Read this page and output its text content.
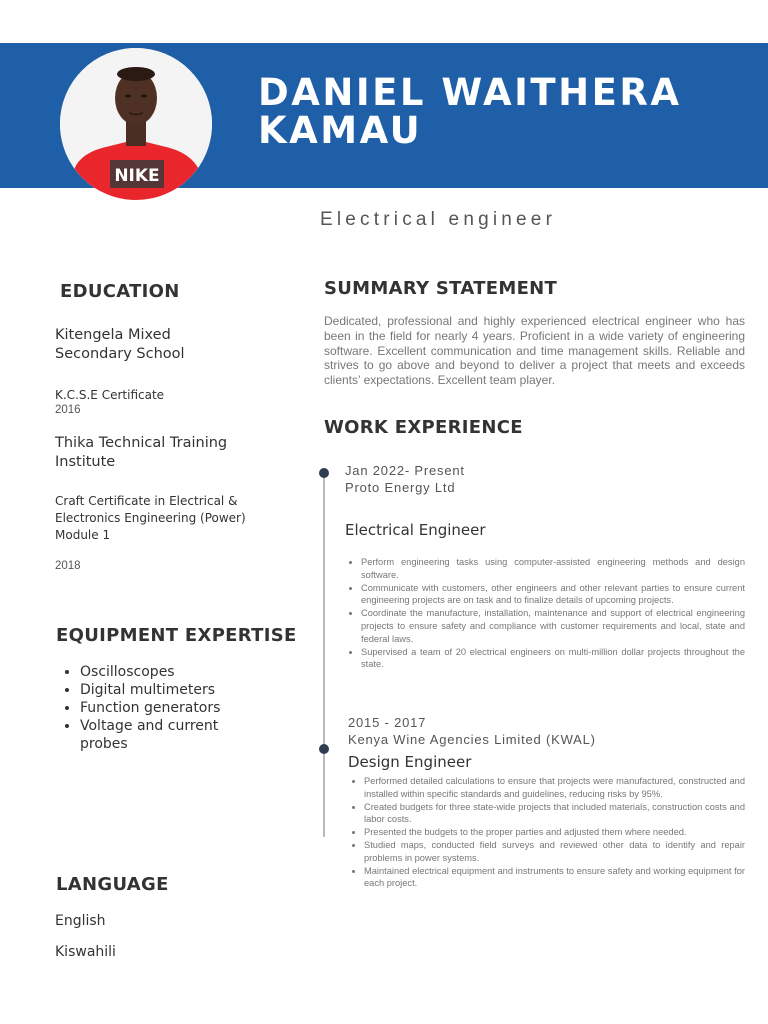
NIKE
DANIEL WAITHERA
KAMAU

Electrical engineer

EDUCATION

Kitengela Mixed Secondary School

K.C.S.E Certificate

2016

Thika Technical Training Institute

Craft Certificate in Electrical & Electronics Engineering (Power) Module 1

2018

EQUIPMENT EXPERTISE
• Oscilloscopes
• Digital multimeters
• Function generators
• Voltage and current probes
LANGUAGE

English

Kiswahili

SUMMARY STATEMENT

Dedicated, professional and highly experienced electrical engineer who has been in the field for nearly 4 years. Proficient in a wide variety of engineering software. Excellent communication and time management skills. Reliable and strives to go above and beyond to deliver a project that meets and exceeds clients’ expectations. Excellent team player.

WORK EXPERIENCE

Jan 2022- Present

Proto Energy Ltd

Electrical Engineer

• Perform engineering tasks using computer-assisted engineering methods and design software.
• Communicate with customers, other engineers and other relevant parties to ensure current engineering projects are on task and to finalize details of upcoming projects.
• Coordinate the manufacture, installation, maintenance and support of electrical engineering projects to ensure safety and compliance with customer requirements and local, state and federal laws.
• Supervised a team of 20 electrical engineers on multi-million dollar projects throughout the state.

2015 - 2017

Kenya Wine Agencies Limited (KWAL)

Design Engineer

• Performed detailed calculations to ensure that projects were manufactured, constructed and installed within specific standards and guidelines, reducing risks by 95%.
• Created budgets for three state-wide projects that included materials, construction costs and labor costs.
• Presented the budgets to the proper parties and adjusted them where needed.
• Studied maps, conducted field surveys and reviewed other data to identify and repair problems in power systems.
• Maintained electrical equipment and instruments to ensure safety and working equipment for each project.
